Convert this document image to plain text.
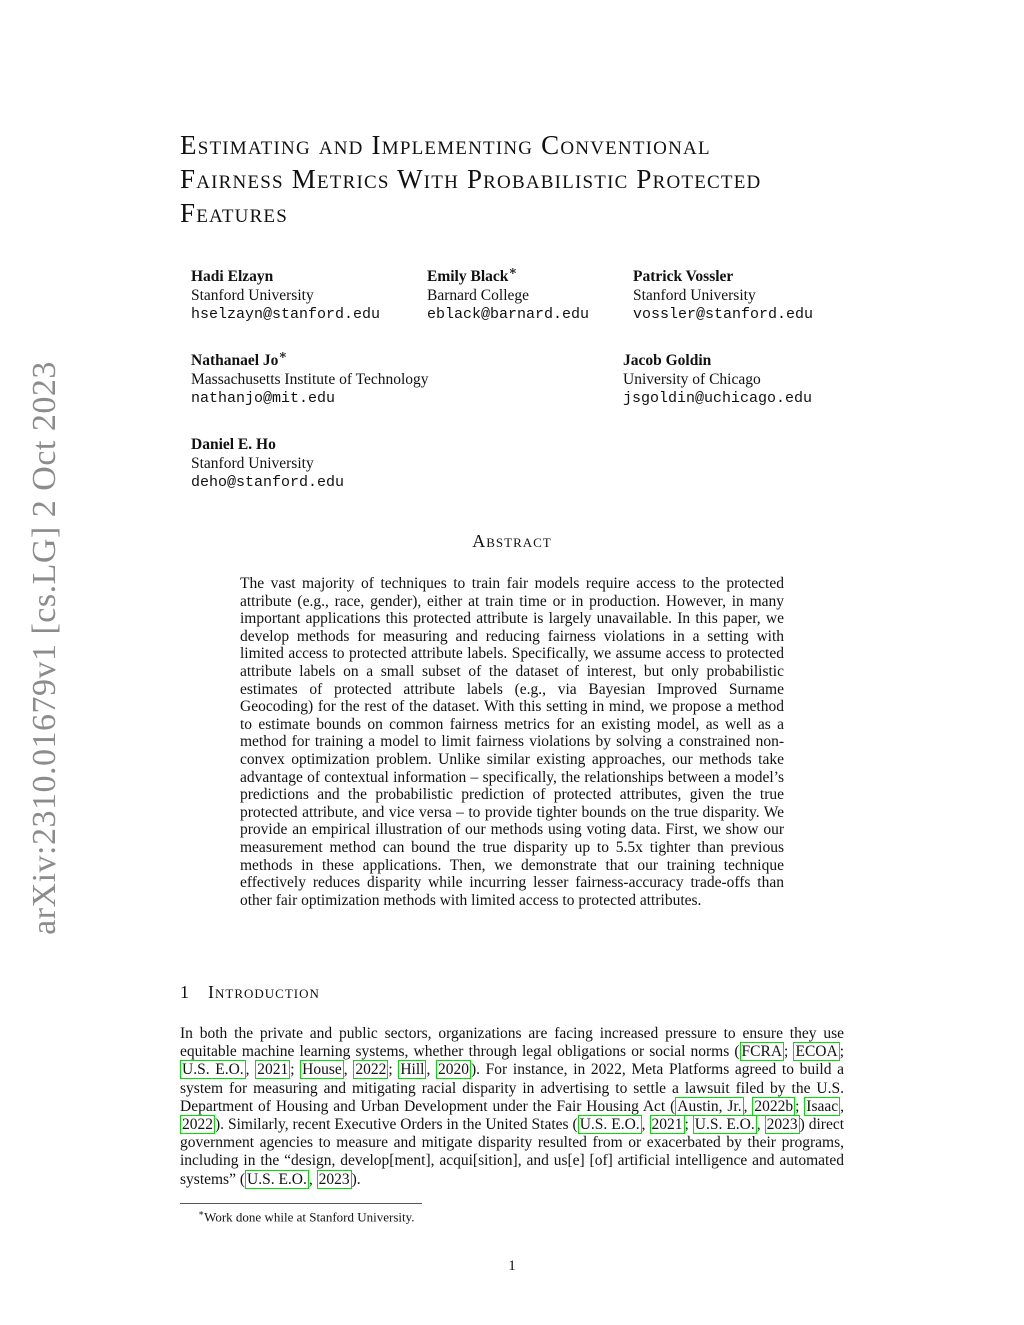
arXiv:2310.01679v1 [cs.LG] 2 Oct 2023
Estimating and Implementing Conventional
Fairness Metrics With Probabilistic Protected
Features
Hadi Elzayn
Stanford University
hselzayn@stanford.edu
Emily Black∗
Barnard College
eblack@barnard.edu
Patrick Vossler
Stanford University
vossler@stanford.edu
Nathanael Jo∗
Massachusetts Institute of Technology
nathanjo@mit.edu
Jacob Goldin
University of Chicago
jsgoldin@uchicago.edu
Daniel E. Ho
Stanford University
deho@stanford.edu
Abstract

The vast majority of techniques to train fair models require access to the protected attribute (e.g., race, gender), either at train time or in production. However, in many important applications this protected attribute is largely unavailable. In this paper, we develop methods for measuring and reducing fairness violations in a setting with limited access to protected attribute labels. Specifically, we assume access to protected attribute labels on a small subset of the dataset of interest, but only probabilistic estimates of protected attribute labels (e.g., via Bayesian Improved Surname Geocoding) for the rest of the dataset. With this setting in mind, we propose a method to estimate bounds on common fairness metrics for an existing model, as well as a method for training a model to limit fairness violations by solving a constrained non-convex optimization problem. Unlike similar existing approaches, our methods take advantage of contextual information – specifically, the relationships between a model’s predictions and the probabilistic prediction of protected attributes, given the true protected attribute, and vice versa – to provide tighter bounds on the true disparity. We provide an empirical illustration of our methods using voting data. First, we show our measurement method can bound the true disparity up to 5.5x tighter than previous methods in these applications. Then, we demonstrate that our training technique effectively reduces disparity while incurring lesser fairness-accuracy trade-offs than other fair optimization methods with limited access to protected attributes.

1 Introduction

In both the private and public sectors, organizations are facing increased pressure to ensure they use equitable machine learning systems, whether through legal obligations or social norms ( FCRA ; ECOA ; U.S. E.O. , 2021 ; House , 2022 ; Hill , 2020 ). For instance, in 2022, Meta Platforms agreed to build a system for measuring and mitigating racial disparity in advertising to settle a lawsuit filed by the U.S. Department of Housing and Urban Development under the Fair Housing Act ( Austin, Jr. , 2022b ; Isaac , 2022 ). Similarly, recent Executive Orders in the United States ( U.S. E.O. , 2021 ; U.S. E.O. , 2023 ) direct government agencies to measure and mitigate disparity resulted from or exacerbated by their programs, including in the “design, develop[ment], acqui[sition], and us[e] [of] artificial intelligence and automated systems” ( U.S. E.O. , 2023 ).

∗Work done while at Stanford University.

1
